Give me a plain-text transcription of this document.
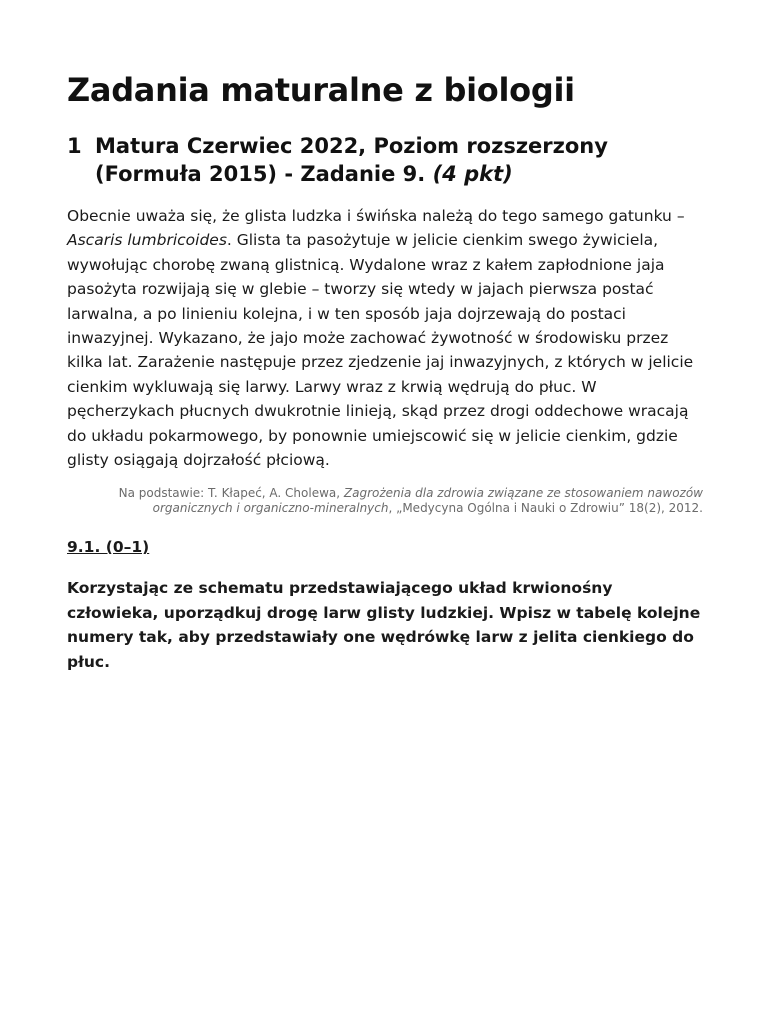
Zadania maturalne z biologii
1 Matura Czerwiec 2022, Poziom rozszerzony (Formuła 2015) - Zadanie 9. (4 pkt)

Obecnie uważa się, że glista ludzka i świńska należą do tego samego gatunku – Ascaris lumbricoides. Glista ta pasożytuje w jelicie cienkim swego żywiciela, wywołując chorobę zwaną glistnicą. Wydalone wraz z kałem zapłodnione jaja pasożyta rozwijają się w glebie – tworzy się wtedy w jajach pierwsza postać larwalna, a po linieniu kolejna, i w ten sposób jaja dojrzewają do postaci inwazyjnej. Wykazano, że jajo może zachować żywotność w środowisku przez kilka lat. Zarażenie następuje przez zjedzenie jaj inwazyjnych, z których w jelicie cienkim wykluwają się larwy. Larwy wraz z krwią wędrują do płuc. W pęcherzykach płucnych dwukrotnie linieją, skąd przez drogi oddechowe wracają do układu pokarmowego, by ponownie umiejscowić się w jelicie cienkim, gdzie glisty osiągają dojrzałość płciową.

Na podstawie: T. Kłapeć, A. Cholewa, Zagrożenia dla zdrowia związane ze stosowaniem nawozów organicznych i organiczno-mineralnych, „Medycyna Ogólna i Nauki o Zdrowiu” 18(2), 2012.

9.1. (0–1)

Korzystając ze schematu przedstawiającego układ krwionośny człowieka, uporządkuj drogę larw glisty ludzkiej. Wpisz w tabelę kolejne numery tak, aby przedstawiały one wędrówkę larw z jelita cienkiego do płuc.
